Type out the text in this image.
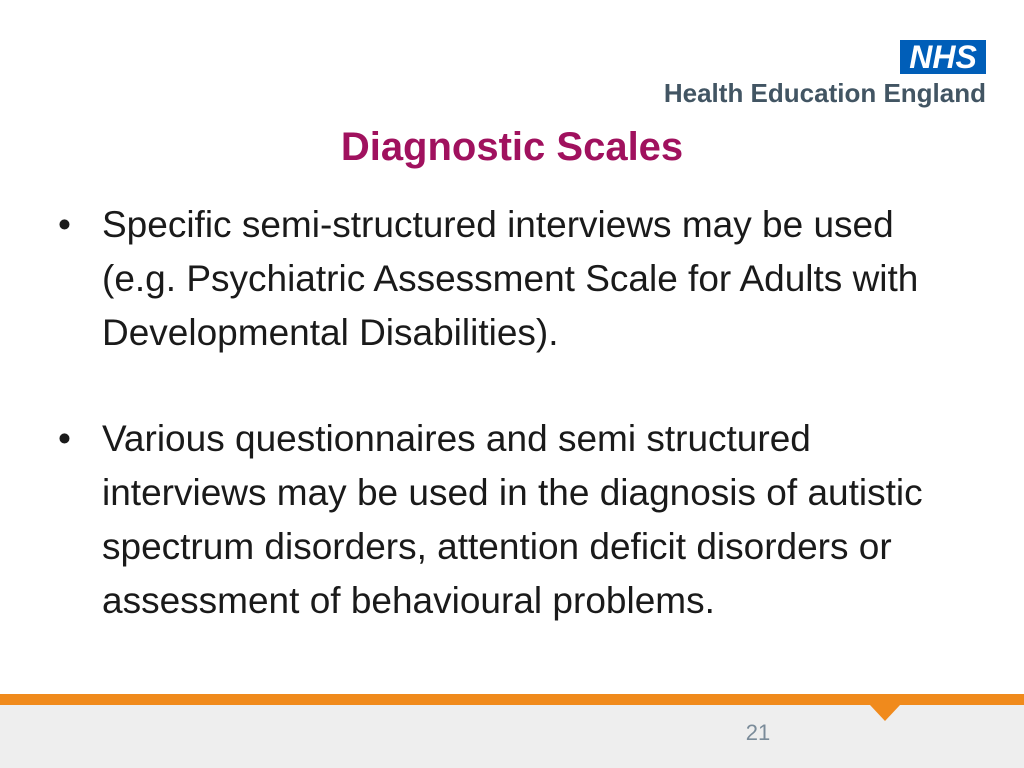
NHS
Health Education England
Diagnostic Scales
• Specific semi-structured interviews may be used (e.g. Psychiatric Assessment Scale for Adults with Developmental Disabilities).
• Various questionnaires and semi structured interviews may be used in the diagnosis of autistic spectrum disorders, attention deficit disorders or assessment of behavioural problems.
21
